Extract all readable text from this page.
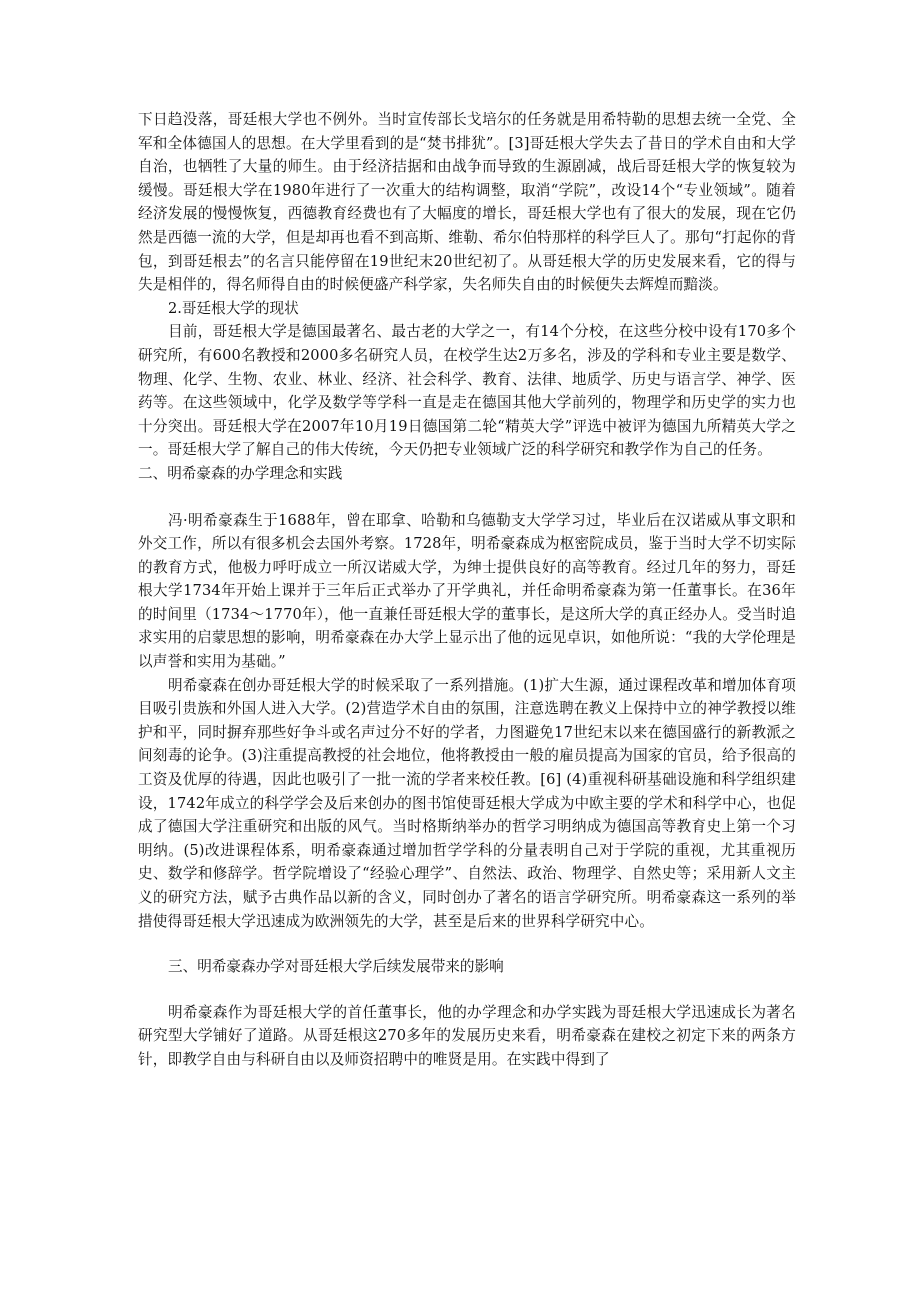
下日趋没落，哥廷根大学也不例外。当时宣传部长戈培尔的任务就是用希特勒的思想去统一全党、全军和全体德国人的思想。在大学里看到的是“焚书排犹”。[3]哥廷根大学失去了昔日的学术自由和大学自治，也牺牲了大量的师生。由于经济拮据和由战争而导致的生源剧减，战后哥廷根大学的恢复较为缓慢。哥廷根大学在1980年进行了一次重大的结构调整，取消“学院”，改设14个“专业领域”。随着经济发展的慢慢恢复，西德教育经费也有了大幅度的增长，哥廷根大学也有了很大的发展，现在它仍然是西德一流的大学，但是却再也看不到高斯、维勒、希尔伯特那样的科学巨人了。那句“打起你的背包，到哥廷根去”的名言只能停留在19世纪末20世纪初了。从哥廷根大学的历史发展来看，它的得与失是相伴的，得名师得自由的时候便盛产科学家，失名师失自由的时候便失去辉煌而黯淡。

2.哥廷根大学的现状

目前，哥廷根大学是德国最著名、最古老的大学之一，有14个分校，在这些分校中设有170多个研究所，有600名教授和2000多名研究人员，在校学生达2万多名，涉及的学科和专业主要是数学、物理、化学、生物、农业、林业、经济、社会科学、教育、法律、地质学、历史与语言学、神学、医药等。在这些领域中，化学及数学等学科一直是走在德国其他大学前列的，物理学和历史学的实力也十分突出。哥廷根大学在2007年10月19日德国第二轮“精英大学”评选中被评为德国九所精英大学之一。哥廷根大学了解自己的伟大传统，今天仍把专业领域广泛的科学研究和教学作为自己的任务。

二、明希豪森的办学理念和实践

冯·明希豪森生于1688年，曾在耶拿、哈勒和乌德勒支大学学习过，毕业后在汉诺威从事文职和外交工作，所以有很多机会去国外考察。1728年，明希豪森成为枢密院成员，鉴于当时大学不切实际的教育方式，他极力呼吁成立一所汉诺威大学，为绅士提供良好的高等教育。经过几年的努力，哥廷根大学1734年开始上课并于三年后正式举办了开学典礼，并任命明希豪森为第一任董事长。在36年的时间里（1734～1770年），他一直兼任哥廷根大学的董事长，是这所大学的真正经办人。受当时追求实用的启蒙思想的影响，明希豪森在办大学上显示出了他的远见卓识，如他所说：“我的大学伦理是以声誉和实用为基础。”

明希豪森在创办哥廷根大学的时候采取了一系列措施。(1)扩大生源，通过课程改革和增加体育项目吸引贵族和外国人进入大学。(2)营造学术自由的氛围，注意选聘在教义上保持中立的神学教授以维护和平，同时摒弃那些好争斗或名声过分不好的学者，力图避免17世纪末以来在德国盛行的新教派之间刻毒的论争。(3)注重提高教授的社会地位，他将教授由一般的雇员提高为国家的官员，给予很高的工资及优厚的待遇，因此也吸引了一批一流的学者来校任教。[6] (4)重视科研基础设施和科学组织建设，1742年成立的科学学会及后来创办的图书馆使哥廷根大学成为中欧主要的学术和科学中心，也促成了德国大学注重研究和出版的风气。当时格斯纳举办的哲学习明纳成为德国高等教育史上第一个习明纳。(5)改进课程体系，明希豪森通过增加哲学学科的分量表明自己对于学院的重视，尤其重视历史、数学和修辞学。哲学院增设了“经验心理学”、自然法、政治、物理学、自然史等；采用新人文主义的研究方法，赋予古典作品以新的含义，同时创办了著名的语言学研究所。明希豪森这一系列的举措使得哥廷根大学迅速成为欧洲领先的大学，甚至是后来的世界科学研究中心。

三、明希豪森办学对哥廷根大学后续发展带来的影响

明希豪森作为哥廷根大学的首任董事长，他的办学理念和办学实践为哥廷根大学迅速成长为著名研究型大学铺好了道路。从哥廷根这270多年的发展历史来看，明希豪森在建校之初定下来的两条方针，即教学自由与科研自由以及师资招聘中的唯贤是用。在实践中得到了
